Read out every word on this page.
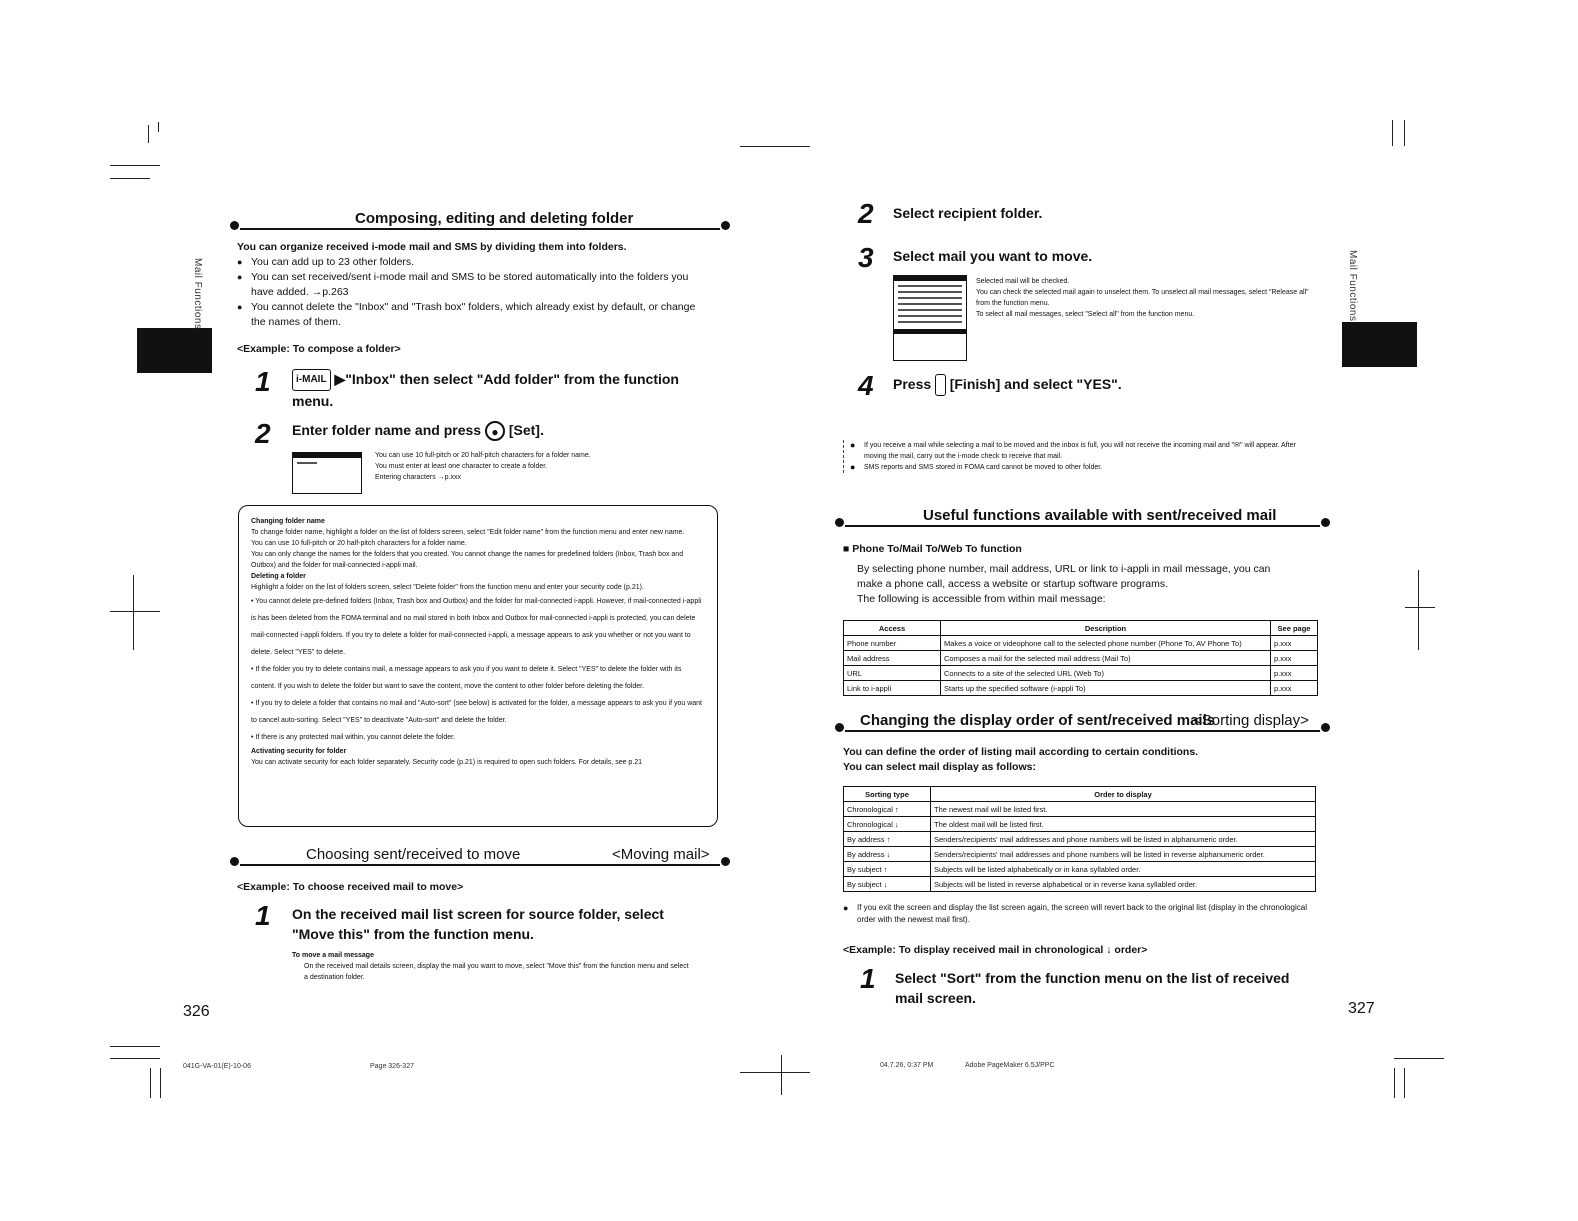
Mail Functions	Mail Functions
Composing, editing and deleting folder
You can organize received i-mode mail and SMS by dividing them into folders.
● You can add up to 23 other folders.
● You can set received/sent i-mode mail and SMS to be stored automatically into the folders you have added. →p.263
● You cannot delete the "Inbox" and "Trash box" folders, which already exist by default, or change the names of them.
<Example: To compose a folder>
1	i-MAIL ▶"Inbox" then select "Add folder" from the function menu.
2 Enter folder name and press ● [Set].
You can use 10 full-pitch or 20 half-pitch characters for a folder name.
You must enter at least one character to create a folder.
Entering characters →p.xxx
Changing folder name
To change folder name, highlight a folder on the list of folders screen, select "Edit folder name" from the function menu and enter new name.
You can use 10 full-pitch or 20 half-pitch characters for a folder name.
You can only change the names for the folders that you created. You cannot change the names for predefined folders (Inbox, Trash box and Outbox) and the folder for mail-connected i-appli mail.
Deleting a folder
Highlight a folder on the list of folders screen, select "Delete folder" from the function menu and enter your security code (p.21).
• You cannot delete pre-defined folders (Inbox, Trash box and Outbox) and the folder for mail-connected i-appli. However, if mail-connected i-appli is has been deleted from the FOMA terminal and no mail stored in both Inbox and Outbox for mail-connected i-appli is protected, you can delete mail-connected i-appli folders. If you try to delete a folder for mail-connected i-appli, a message appears to ask you whether or not you want to delete. Select "YES" to delete.
• If the folder you try to delete contains mail, a message appears to ask you if you want to delete it. Select "YES" to delete the folder with its content. If you wish to delete the folder but want to save the content, move the content to other folder before deleting the folder.
• If you try to delete a folder that contains no mail and "Auto-sort" (see below) is activated for the folder, a message appears to ask you if you want to cancel auto-sorting. Select "YES" to deactivate "Auto-sort" and delete the folder.
• If there is any protected mail within, you cannot delete the folder.
Activating security for folder
You can activate security for each folder separately. Security code (p.21) is required to open such folders. For details, see p.21
Choosing sent/received to move	<Moving mail>
<Example: To choose received mail to move>
1 On the received mail list screen for source folder, select "Move this" from the function menu.
To move a mail message
On the received mail details screen, display the mail you want to move, select "Move this" from the function menu and select a destination folder.
326
041G-VA-01(E)-10-06	Page 326-327
2 Select recipient folder.
3 Select mail you want to move.
Selected mail will be checked.
You can check the selected mail again to unselect them. To unselect all mail messages, select "Release all" from the function menu.
To select all mail messages, select "Select all" from the function menu.
4 Press [Finish] and select "YES".
● If you receive a mail while selecting a mail to be moved and the inbox is full, you will not receive the incoming mail and "✉" will appear. After moving the mail, carry out the i-mode check to receive that mail.
● SMS reports and SMS stored in FOMA card cannot be moved to other folder.
Useful functions available with sent/received mail
■ Phone To/Mail To/Web To function
By selecting phone number, mail address, URL or link to i-appli in mail message, you can
make a phone call, access a website or startup software programs.
The following is accessible from within mail message:
Access	Description	See page
Phone number	Makes a voice or videophone call to the selected phone number (Phone To, AV Phone To)	p.xxx
Mail address	Composes a mail for the selected mail address (Mail To)	p.xxx
URL	Connects to a site of the selected URL (Web To)	p.xxx
Link to i-appli	Starts up the specified software (i-appli To)	p.xxx
Changing the display order of sent/received mails
<Sorting display>
You can define the order of listing mail according to certain conditions.
You can select mail display as follows:
Sorting type	Order to display
Chronological ↑	The newest mail will be listed first.
Chronological ↓	The oldest mail will be listed first.
By address ↑	Senders/recipients' mail addresses and phone numbers will be listed in alphanumeric order.
By address ↓	Senders/recipients' mail addresses and phone numbers will be listed in reverse alphanumeric order.
By subject ↑	Subjects will be listed alphabetically or in kana syllabled order.
By subject ↓	Subjects will be listed in reverse alphabetical or in reverse kana syllabled order.
● If you exit the screen and display the list screen again, the screen will revert back to the original list (display in the chronological order with the newest mail first).
<Example: To display received mail in chronological ↓ order>
1 Select "Sort" from the function menu on the list of received mail screen.
327
04.7.26, 0:37 PM	Adobe PageMaker 6.5J/PPC
